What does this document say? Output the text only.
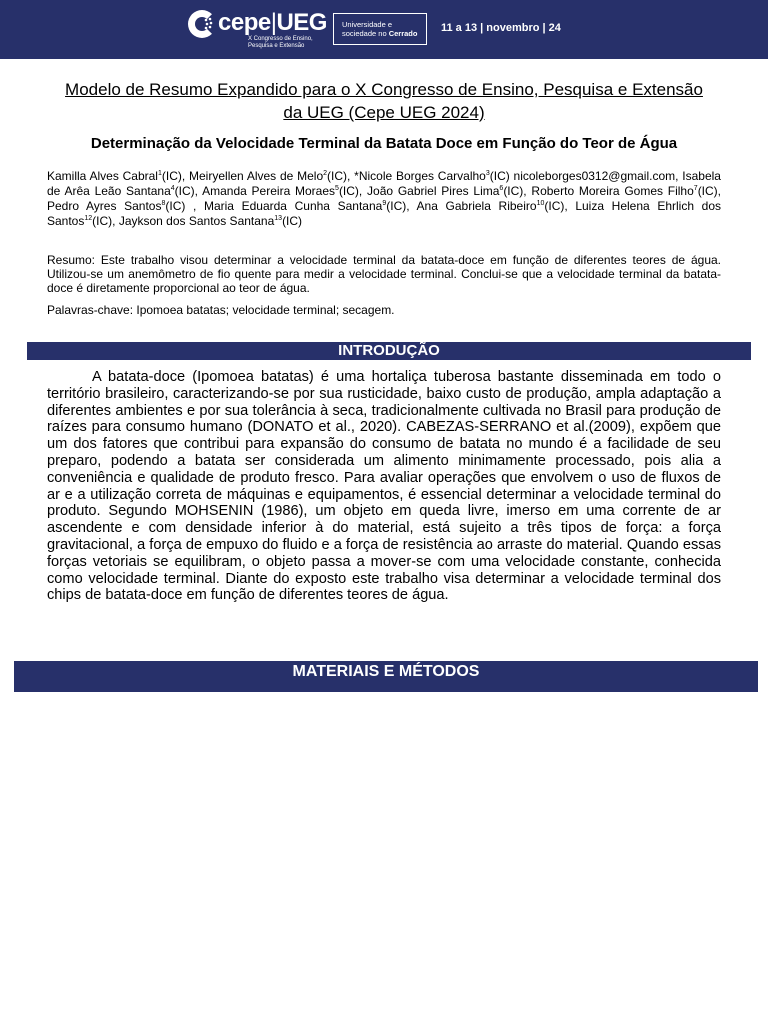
cepe|UEG
X Congresso de Ensino, Pesquisa e Extensão
Universidade e
sociedade no Cerrado	11 a 13 | novembro | 24
Modelo de Resumo Expandido para o X Congresso de Ensino, Pesquisa e Extensão da UEG (Cepe UEG 2024)
Determinação da Velocidade Terminal da Batata Doce em Função do Teor de Água
Kamilla Alves Cabral$^1$(IC), Meiryellen Alves de Melo$^2$(IC), *Nicole Borges Carvalho$^3$(IC) nicoleborges0312@gmail.com, Isabela de Arêa Leão Santana$^4$(IC), Amanda Pereira Moraes$^5$(IC), João Gabriel Pires Lima$^6$(IC), Roberto Moreira Gomes Filho$^7$(IC), Pedro Ayres Santos$^8$(IC) , Maria Eduarda Cunha Santana$^9$(IC), Ana Gabriela Ribeiro$^{10}$(IC), Luiza Helena Ehrlich dos Santos$^{12}$(IC), Jaykson dos Santos Santana$^{13}$(IC)
Resumo: Este trabalho visou determinar a velocidade terminal da batata-doce em função de diferentes teores de água. Utilizou-se um anemômetro de fio quente para medir a velocidade terminal. Conclui-se que a velocidade terminal da batata-doce é diretamente proporcional ao teor de água.
Palavras-chave: Ipomoea batatas; velocidade terminal; secagem.
INTRODUÇÃO
A batata-doce (Ipomoea batatas) é uma hortaliça tuberosa bastante disseminada em todo o território brasileiro, caracterizando-se por sua rusticidade, baixo custo de produção, ampla adaptação a diferentes ambientes e por sua tolerância à seca, tradicionalmente cultivada no Brasil para produção de raízes para consumo humano (DONATO et al., 2020). CABEZAS-SERRANO et al.(2009), expõem que um dos fatores que contribui para expansão do consumo de batata no mundo é a facilidade de seu preparo, podendo a batata ser considerada um alimento minimamente processado, pois alia a conveniência e qualidade de produto fresco. Para avaliar operações que envolvem o uso de fluxos de ar e a utilização correta de máquinas e equipamentos, é essencial determinar a velocidade terminal do produto. Segundo MOHSENIN (1986), um objeto em queda livre, imerso em uma corrente de ar ascendente e com densidade inferior à do material, está sujeito a três tipos de força: a força gravitacional, a força de empuxo do fluido e a força de resistência ao arraste do material. Quando essas forças vetoriais se equilibram, o objeto passa a mover-se com uma velocidade constante, conhecida como velocidade terminal. Diante do exposto este trabalho visa determinar a velocidade terminal dos chips de batata-doce em função de diferentes teores de água.
MATERIAIS E MÉTODOS
